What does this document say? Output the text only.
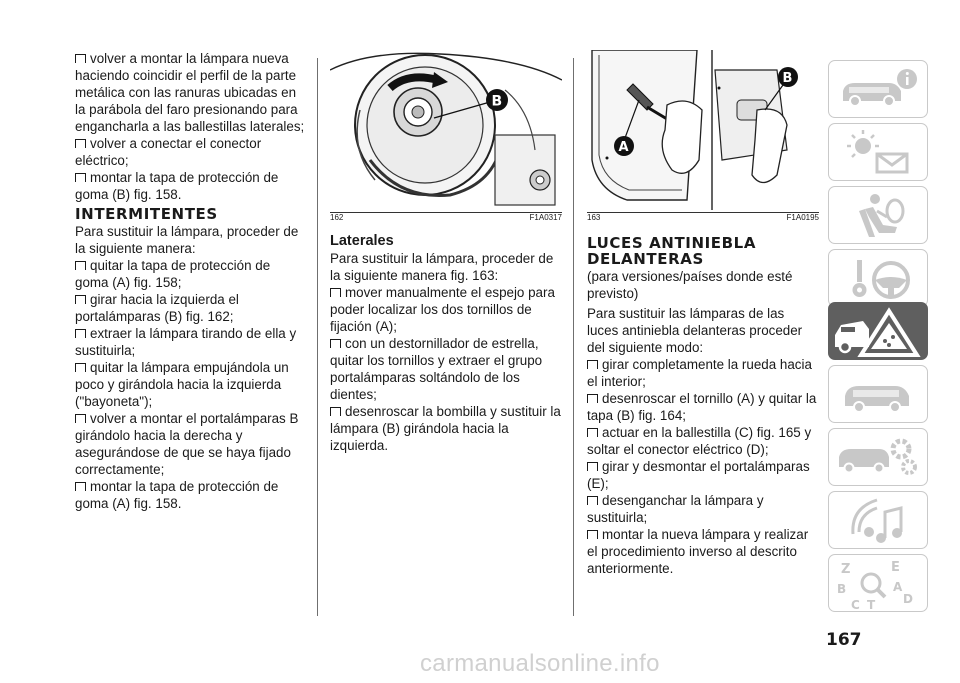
volver a montar la lámpara nueva haciendo coincidir el perfil de la parte metálica con las ranuras ubicadas en la parábola del faro presionando para engancharla a las ballestillas laterales;

volver a conectar el conector eléctrico;

montar la tapa de protección de goma (B) fig. 158.

INTERMITENTES

Para sustituir la lámpara, proceder de la siguiente manera:

quitar la tapa de protección de goma (A) fig. 158;

girar hacia la izquierda el portalámparas (B) fig. 162;

extraer la lámpara tirando de ella y sustituirla;

quitar la lámpara empujándola un poco y girándola hacia la izquierda ("bayoneta");

volver a montar el portalámparas B girándolo hacia la derecha y asegurándose de que se haya fijado correctamente;

montar la tapa de protección de goma (A) fig. 158.

B
162	F1A0317
Laterales

Para sustituir la lámpara, proceder de la siguiente manera fig. 163:

mover manualmente el espejo para poder localizar los dos tornillos de fijación (A);

con un destornillador de estrella, quitar los tornillos y extraer el grupo portalámparas soltándolo de los dientes;

desenroscar la bombilla y sustituir la lámpara (B) girándola hacia la izquierda.

A
B
163	F1A0195
LUCES ANTINIEBLA
DELANTERAS

(para versiones/países donde esté previsto)

Para sustituir las lámparas de las luces antiniebla delanteras proceder del siguiente modo:

girar completamente la rueda hacia el interior;

desenroscar el tornillo (A) y quitar la tapa (B) fig. 164;

actuar en la ballestilla (C) fig. 165 y soltar el conector eléctrico (D);

girar y desmontar el portalámparas (E);

desenganchar la lámpara y sustituirla;

montar la nueva lámpara y realizar el procedimiento inverso al descrito anteriormente.	Z	E
B	A
C T D
167
carmanualsonline.info
